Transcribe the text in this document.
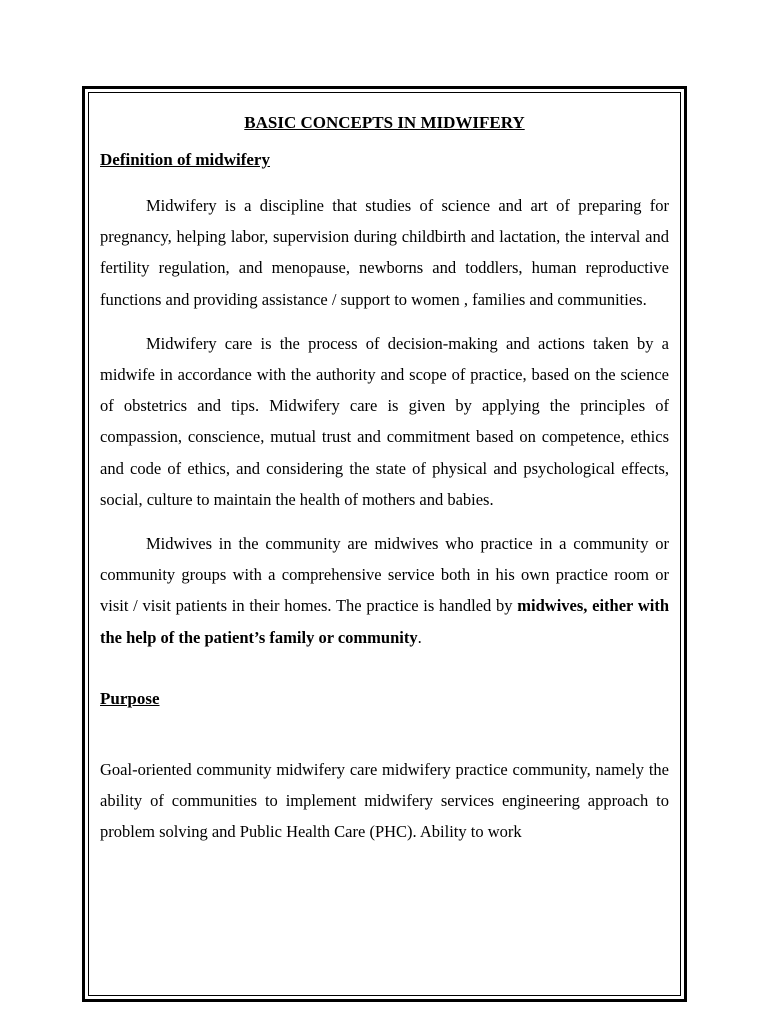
BASIC CONCEPTS IN MIDWIFERY
Definition of midwifery

Midwifery is a discipline that studies of science and art of preparing for pregnancy, helping labor, supervision during childbirth and lactation, the interval and fertility regulation, and menopause, newborns and toddlers, human reproductive functions and providing assistance / support to women , families and communities.

Midwifery care is the process of decision-making and actions taken by a midwife in accordance with the authority and scope of practice, based on the science of obstetrics and tips. Midwifery care is given by applying the principles of compassion, conscience, mutual trust and commitment based on competence, ethics and code of ethics, and considering the state of physical and psychological effects, social, culture to maintain the health of mothers and babies.

Midwives in the community are midwives who practice in a community or community groups with a comprehensive service both in his own practice room or visit / visit patients in their homes. The practice is handled by midwives, either with the help of the patient’s family or community.

Purpose

Goal-oriented community midwifery care midwifery practice community, namely the ability of communities to implement midwifery services engineering approach to problem solving and Public Health Care (PHC). Ability to work
